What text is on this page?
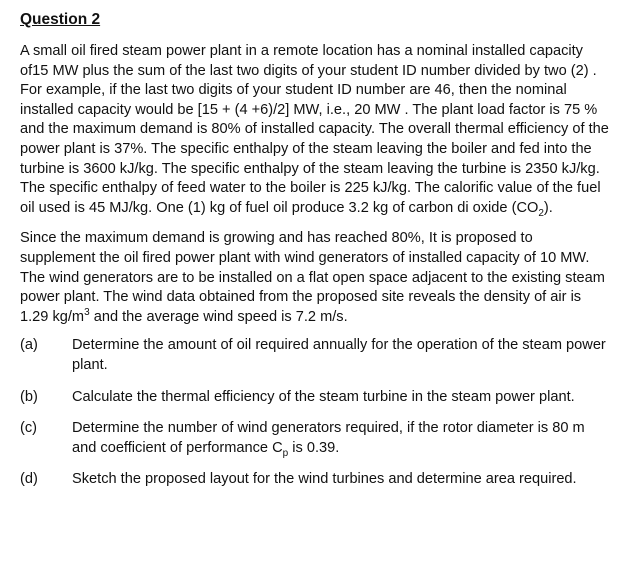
Question 2

A small oil fired steam power plant in a remote location has a nominal installed capacity of15 MW plus the sum of the last two digits of your student ID number divided by two (2) . For example, if the last two digits of your student ID number are 46, then the nominal installed capacity would be [15 + (4 +6)/2] MW, i.e., 20 MW . The plant load factor is 75 % and the maximum demand is 80% of installed capacity. The overall thermal efficiency of the power plant is 37%. The specific enthalpy of the steam leaving the boiler and fed into the turbine is 3600 kJ/kg. The specific enthalpy of the steam leaving the turbine is 2350 kJ/kg. The specific enthalpy of feed water to the boiler is 225 kJ/kg. The calorific value of the fuel oil used is 45 MJ/kg. One (1) kg of fuel oil produce 3.2 kg of carbon di oxide $(CO_2)$.

Since the maximum demand is growing and has reached 80%, It is proposed to supplement the oil fired power plant with wind generators of installed capacity of 10 MW. The wind generators are to be installed on a flat open space adjacent to the existing steam power plant. The wind data obtained from the proposed site reveals the density of air is 1.29 $kg/m^3$ and the average wind speed is 7.2 m/s.

(a)	Determine the amount of oil required annually for the operation of the steam power plant.
(b)	Calculate the thermal efficiency of the steam turbine in the steam power plant.
(c)	Determine the number of wind generators required, if the rotor diameter is 80 m and coefficient of performance $C_p$ is 0.39.
(d)	Sketch the proposed layout for the wind turbines and determine area required.
